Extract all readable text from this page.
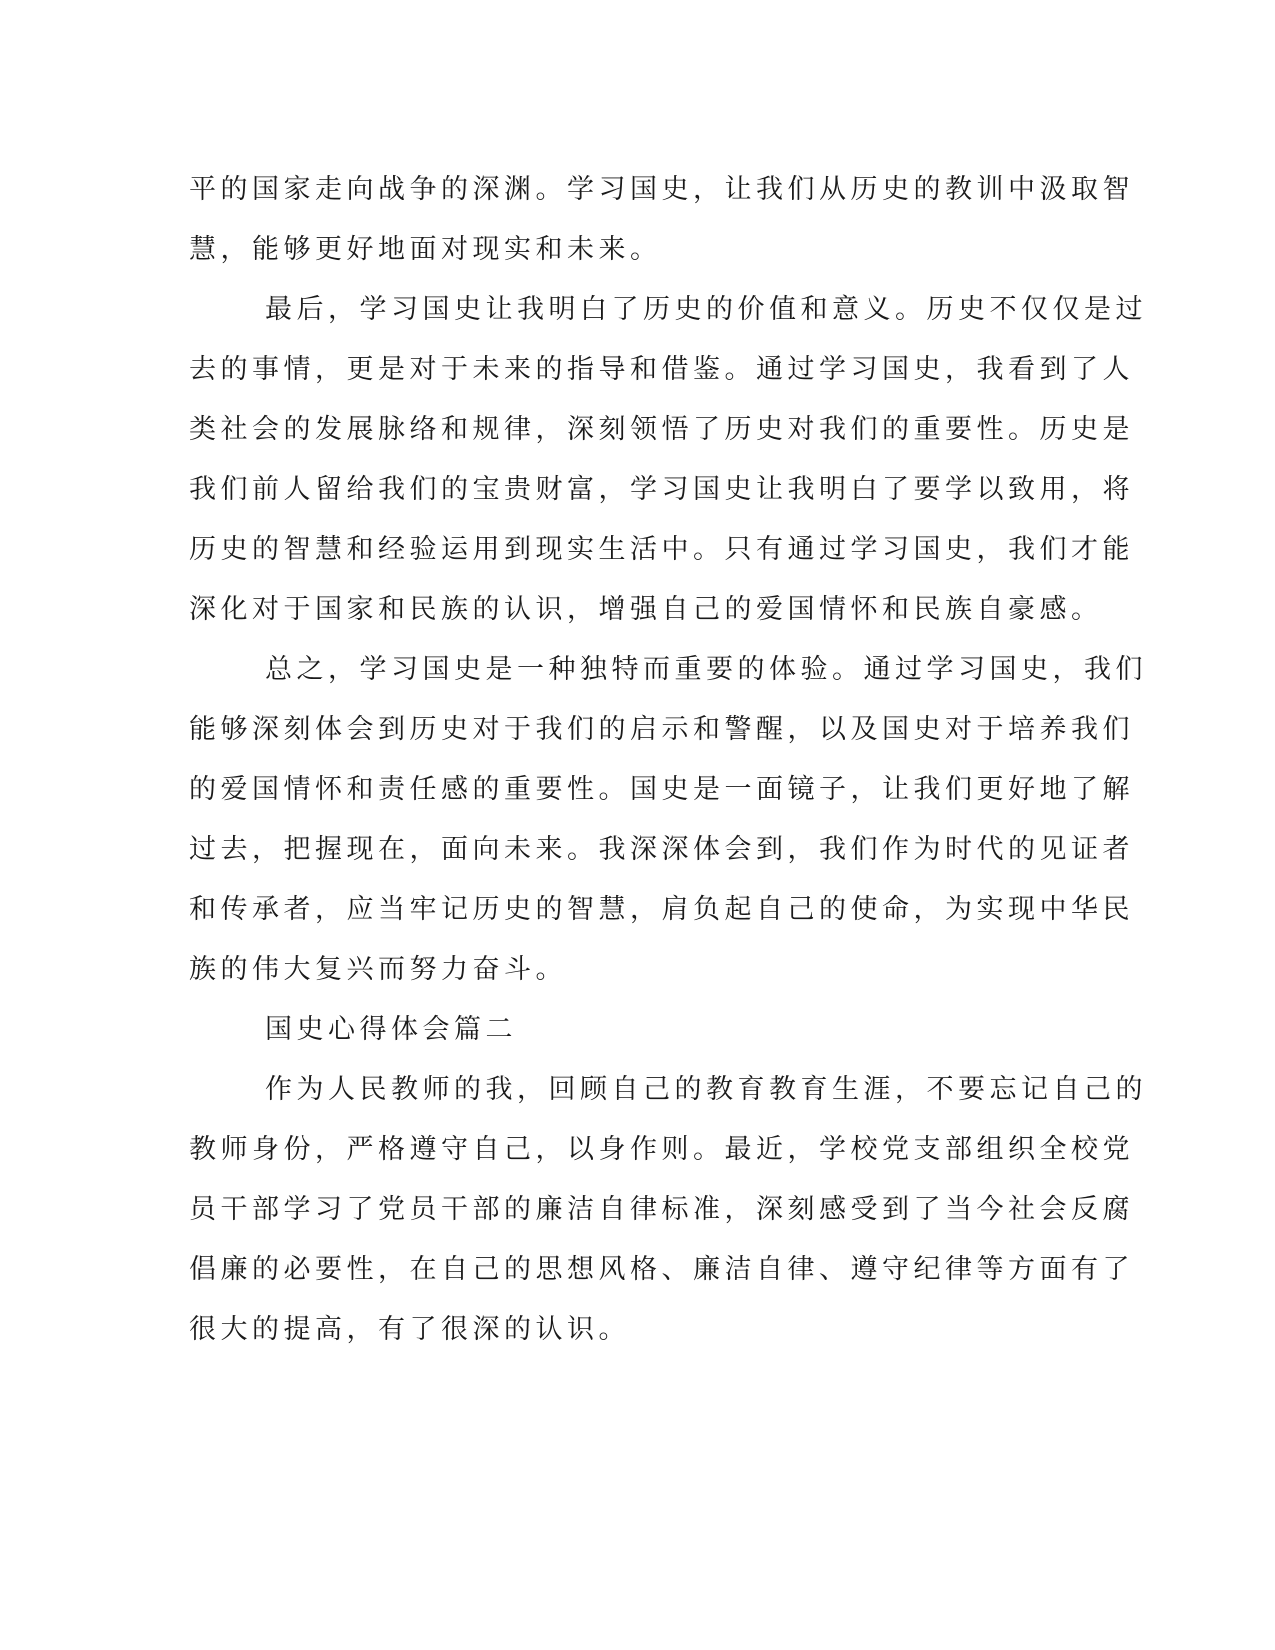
平的国家走向战争的深渊。学习国史，让我们从历史的教训中汲取智
慧，能够更好地面对现实和未来。
最后，学习国史让我明白了历史的价值和意义。历史不仅仅是过
去的事情，更是对于未来的指导和借鉴。通过学习国史，我看到了人
类社会的发展脉络和规律，深刻领悟了历史对我们的重要性。历史是
我们前人留给我们的宝贵财富，学习国史让我明白了要学以致用，将
历史的智慧和经验运用到现实生活中。只有通过学习国史，我们才能
深化对于国家和民族的认识，增强自己的爱国情怀和民族自豪感。
总之，学习国史是一种独特而重要的体验。通过学习国史，我们
能够深刻体会到历史对于我们的启示和警醒，以及国史对于培养我们
的爱国情怀和责任感的重要性。国史是一面镜子，让我们更好地了解
过去，把握现在，面向未来。我深深体会到，我们作为时代的见证者
和传承者，应当牢记历史的智慧，肩负起自己的使命，为实现中华民
族的伟大复兴而努力奋斗。
国史心得体会篇二
作为人民教师的我，回顾自己的教育教育生涯，不要忘记自己的
教师身份，严格遵守自己，以身作则。最近，学校党支部组织全校党
员干部学习了党员干部的廉洁自律标准，深刻感受到了当今社会反腐
倡廉的必要性，在自己的思想风格、廉洁自律、遵守纪律等方面有了
很大的提高，有了很深的认识。
